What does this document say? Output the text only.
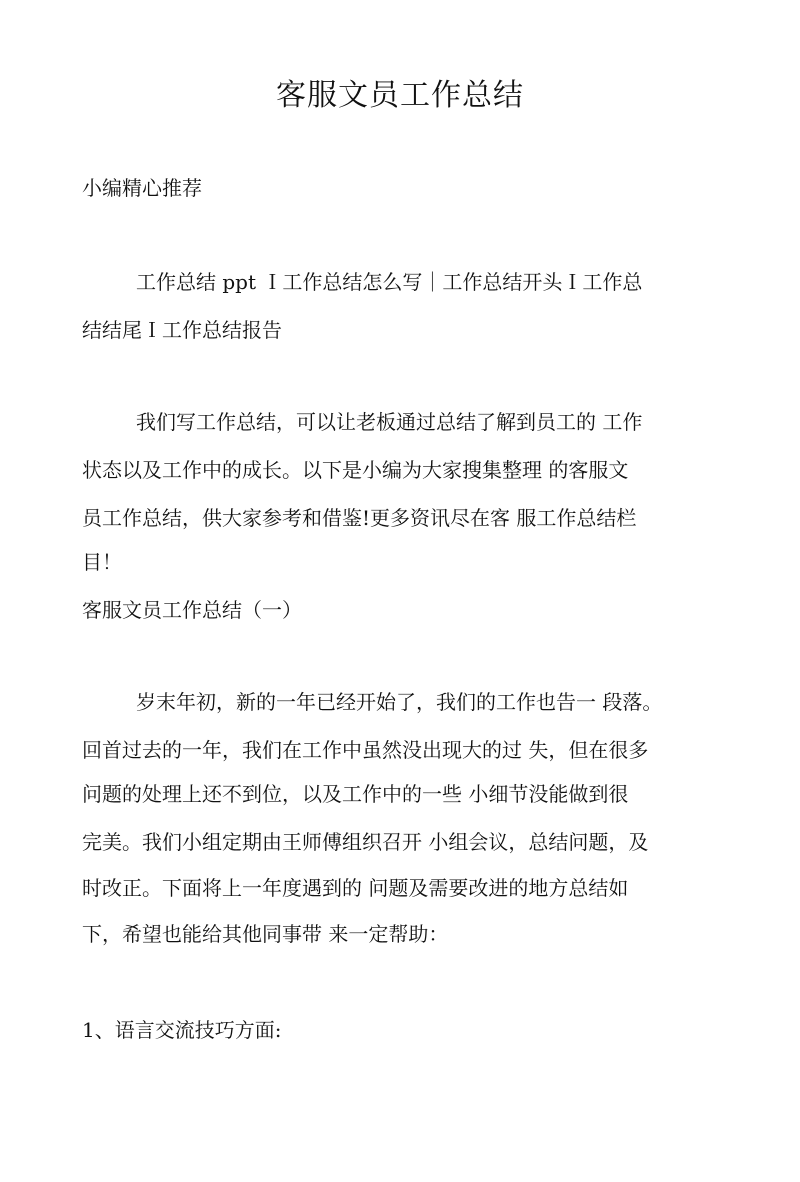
客服文员工作总结

小编精心推荐

工作总结 ppt Ｉ工作总结怎么写｜工作总结开头Ｉ工作总

结结尾Ｉ工作总结报告

我们写工作总结，可以让老板通过总结了解到员工的 工作

状态以及工作中的成长。以下是小编为大家搜集整理 的客服文

员工作总结，供大家参考和借鉴!更多资讯尽在客 服工作总结栏

目！

客服文员工作总结（一）

岁末年初，新的一年已经开始了，我们的工作也告一 段落。

回首过去的一年，我们在工作中虽然没出现大的过 失，但在很多

问题的处理上还不到位，以及工作中的一些 小细节没能做到很

完美。我们小组定期由王师傅组织召开 小组会议，总结问题，及

时改正。下面将上一年度遇到的 问题及需要改进的地方总结如

下，希望也能给其他同事带 来一定帮助：

1、语言交流技巧方面:
